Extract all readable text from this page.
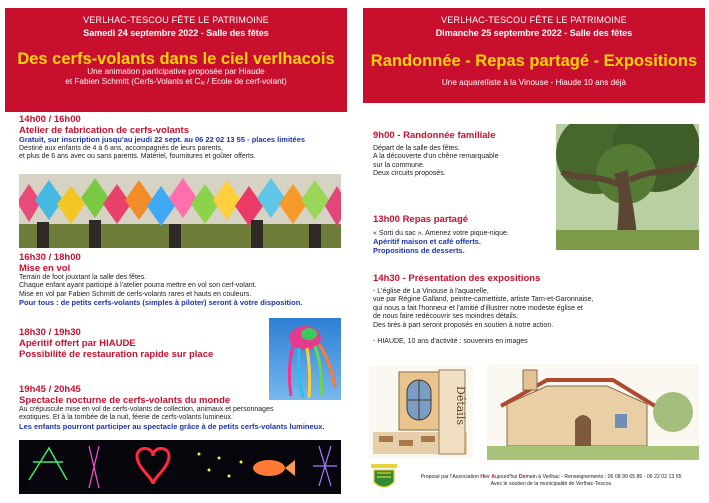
VERLHAC-TESCOU FÊTE LE PATRIMOINE
Samedi 24 septembre 2022 - Salle des fêtes
Des cerfs-volants dans le ciel verlhacois
Une animation participative proposée par Hiaude
et Fabien Schmitt (Cerfs-Volants et Cᵢₑ / Ecole de cerf-volant)
14h00 / 16h00
Atelier de fabrication de cerfs-volants
Gratuit, sur inscription jusqu'au jeudi 22 sept. au 06 22 02 13 55 - places limitées
Destiné aux enfants de 4 à 6 ans, accompagnés de leurs parents,
et plus de 6 ans avec ou sans parents. Matériel, fournitures et goûter offerts.
16h30 / 18h00
Mise en vol
Terrain de foot jouxtant la salle des fêtes.
Chaque enfant ayant participé à l'atelier pourra mettre en vol son cerf-volant.
Mise en vol par Fabien Schmitt de cerfs-volants rares et hauts en couleurs.
Pour tous : de petits cerfs-volants (simples à piloter) seront à votre disposition.
18h30 / 19h30
Apéritif offert par HIAUDE
Possibilité de restauration rapide sur place
19h45 / 20h45
Spectacle nocturne de cerfs-volants du monde
Au crépuscule mise en vol de cerfs-volants de collection, animaux et personnages
exotiques. Et à la tombée de la nuit, féerie de cerfs-volants lumineux.
Les enfants pourront participer au spectacle grâce à de petits cerfs-volants lumineux.
VERLHAC-TESCOU FÊTE LE PATRIMOINE
Dimanche 25 septembre 2022 - Salle des fêtes
Randonnée - Repas partagé - Expositions
Une aquarelliste à la Vinouse - Hiaude 10 ans déjà
9h00 - Randonnée familiale
Départ de la salle des fêtes.
A la découverte d'un chêne remarquable
sur la commune.
Deux circuits proposés.
13h00 Repas partagé
« Sorti du sac ». Amenez votre pique-nique.
Apéritif maison et café offerts.
Propositions de desserts.
14h30 - Présentation des expositions
- L'église de La Vinouse à l'aquarelle,
vue par Régine Galland, peintre-carnettiste, artiste Tarn-et-Garonnaise,
qui nous a fait l'honneur et l'amitié d'illustrer notre modeste église et
de nous faire redécouvrir ses moindres détails.
Des tirés à part seront proposés en soutien à notre action.
- HIAUDE, 10 ans d'activité : souvenirs en images
Détails
Proposé par l'Association Hier Aujourd'hui Demain à Verlhac - Renseignements : 06 08 99 65 86 - 06 22 02 13 55
Avec le soutien de la municipalité de Verlhac-Tescou
